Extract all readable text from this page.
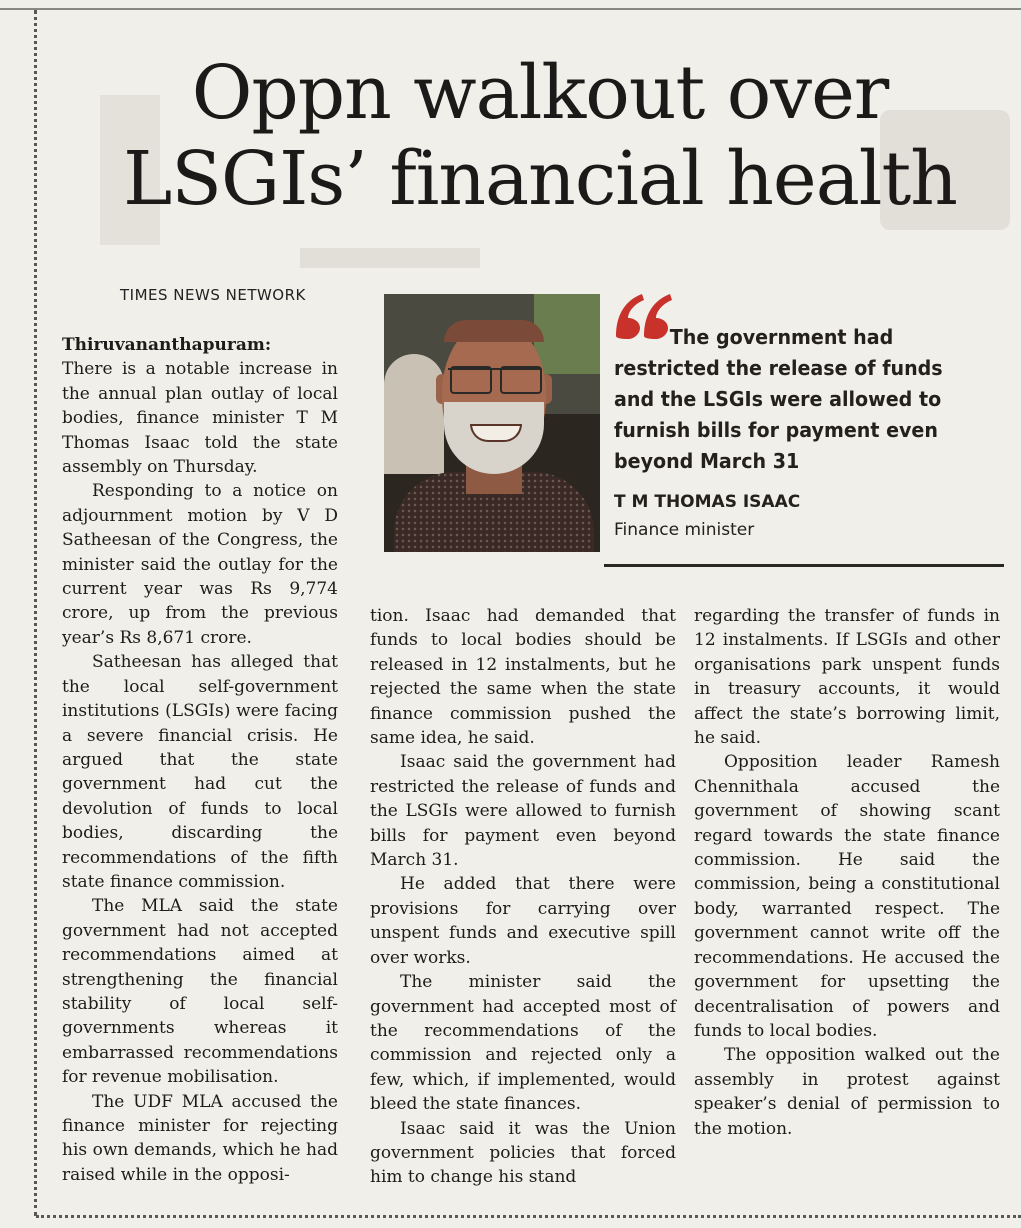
Oppn walkout over
LSGIs’ financial health
TIMES NEWS NETWORK

The government had restricted the release of funds and the LSGIs were allowed to furnish bills for payment even beyond March 31

T M THOMAS ISAAC
Finance minister

Thiruvananthapuram:
There is a notable increase in the annual plan outlay of local bodies, finance minister T M Thomas Isaac told the state assembly on Thursday.

Responding to a notice on adjournment motion by V D Satheesan of the Congress, the minister said the outlay for the current year was Rs 9,774 crore, up from the previous year’s Rs 8,671 crore.

Satheesan has alleged that the local self-government institutions (LSGIs) were facing a severe financial crisis. He argued that the state government had cut the devolution of funds to local bodies, discarding the recommendations of the fifth state finance commission.

The MLA said the state government had not accepted recommendations aimed at strengthening the financial stability of local self-governments whereas it embarrassed recommendations for revenue mobilisation.

The UDF MLA accused the finance minister for rejecting his own demands, which he had raised while in the opposi-

tion. Isaac had demanded that funds to local bodies should be released in 12 instalments, but he rejected the same when the state finance commission pushed the same idea, he said.

Isaac said the government had restricted the release of funds and the LSGIs were allowed to furnish bills for payment even beyond March 31.

He added that there were provisions for carrying over unspent funds and executive spill over works.

The minister said the government had accepted most of the recommendations of the commission and rejected only a few, which, if implemented, would bleed the state finances.

Isaac said it was the Union government policies that forced him to change his stand

regarding the transfer of funds in 12 instalments. If LSGIs and other organisations park unspent funds in treasury accounts, it would affect the state’s borrowing limit, he said.

Opposition leader Ramesh Chennithala accused the government of showing scant regard towards the state finance commission. He said the commission, being a constitutional body, warranted respect. The government cannot write off the recommendations. He accused the government for upsetting the decentralisation of powers and funds to local bodies.

The opposition walked out the assembly in protest against speaker’s denial of permission to the motion.
